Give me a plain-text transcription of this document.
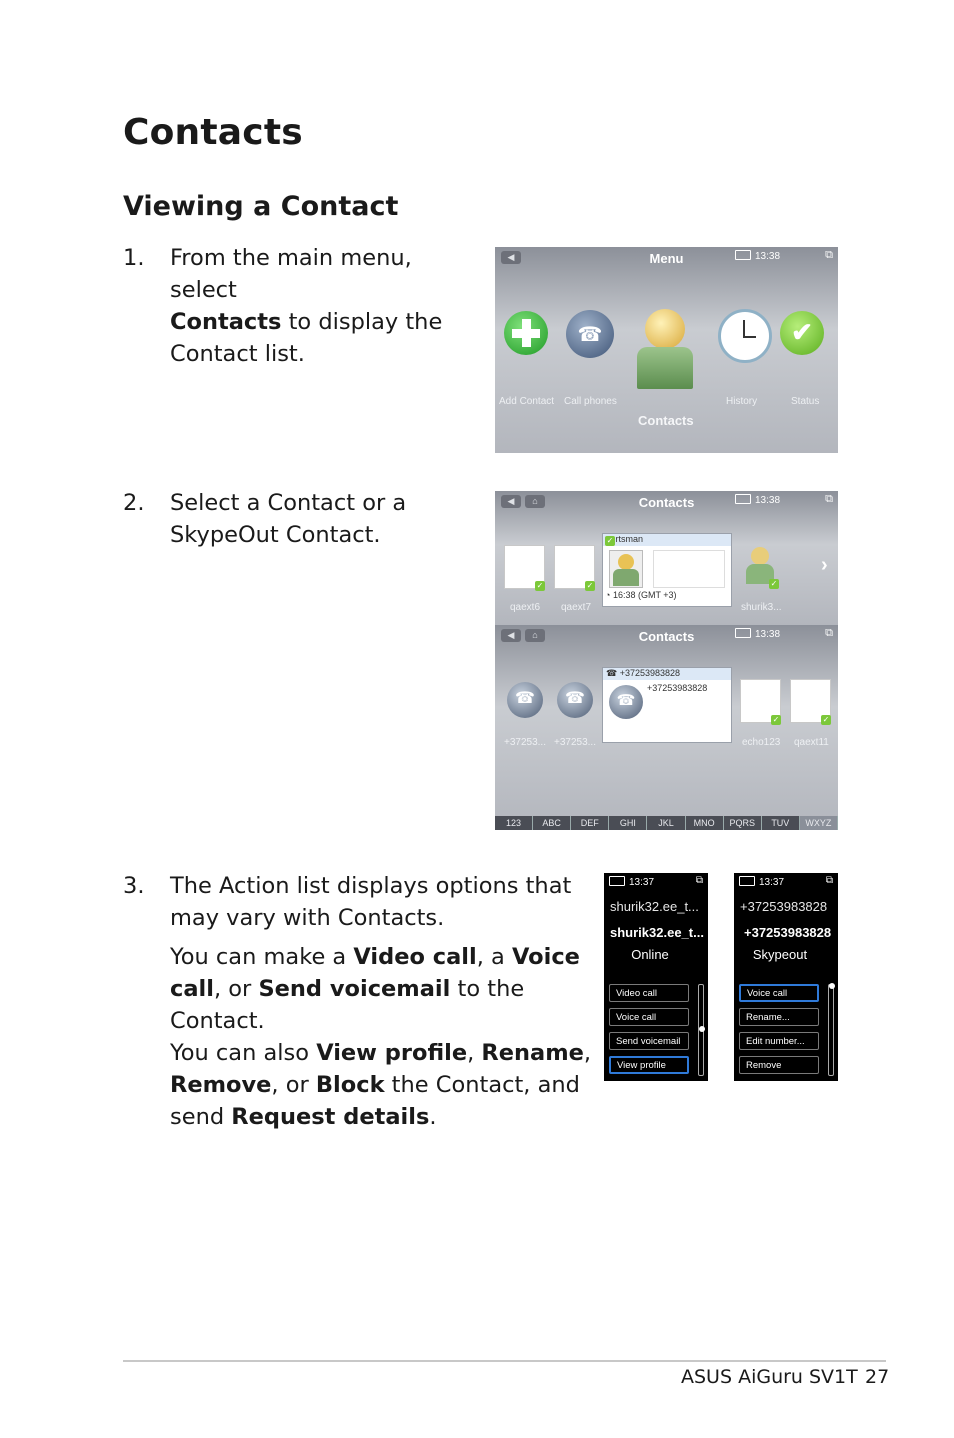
Contacts
Viewing a Contact
1. From the main menu, select

Contacts to display the

Contact list.

◀	Menu	13:38	⧉
☎	✔
Add Contact Call phones
Contacts
History	Status
2. Select a Contact or a

SkypeOut Contact.

◀	⌂	Contacts	13:38	⧉
✓	✓
qaext6 qaext7
✓ rtsman
◔ 16:38 (GMT +3)
✓
shurik3...
›
◀	⌂	Contacts	13:38	⧉
☎	☎
+37253... +37253...
☎ +37253983828
☎
+37253983828
✓	✓
echo123 qaext11
›
123	ABC	DEF	GHI	JKL	MNO	PQRS	TUV	WXYZ
3. The Action list displays options that

may vary with Contacts.

You can make a Video call, a Voice

call, or Send voicemail to the Contact.

You can also View profile, Rename,

Remove, or Block the Contact, and

send Request details.

13:37	⧉
shurik32.ee_t...
shurik32.ee_t...
Online
Video call
Voice call
Send voicemail
View profile
13:37	⧉
+37253983828
+37253983828
Skypeout
Voice call
Rename...
Edit number...
Remove
ASUS AiGuru SV1T 27
